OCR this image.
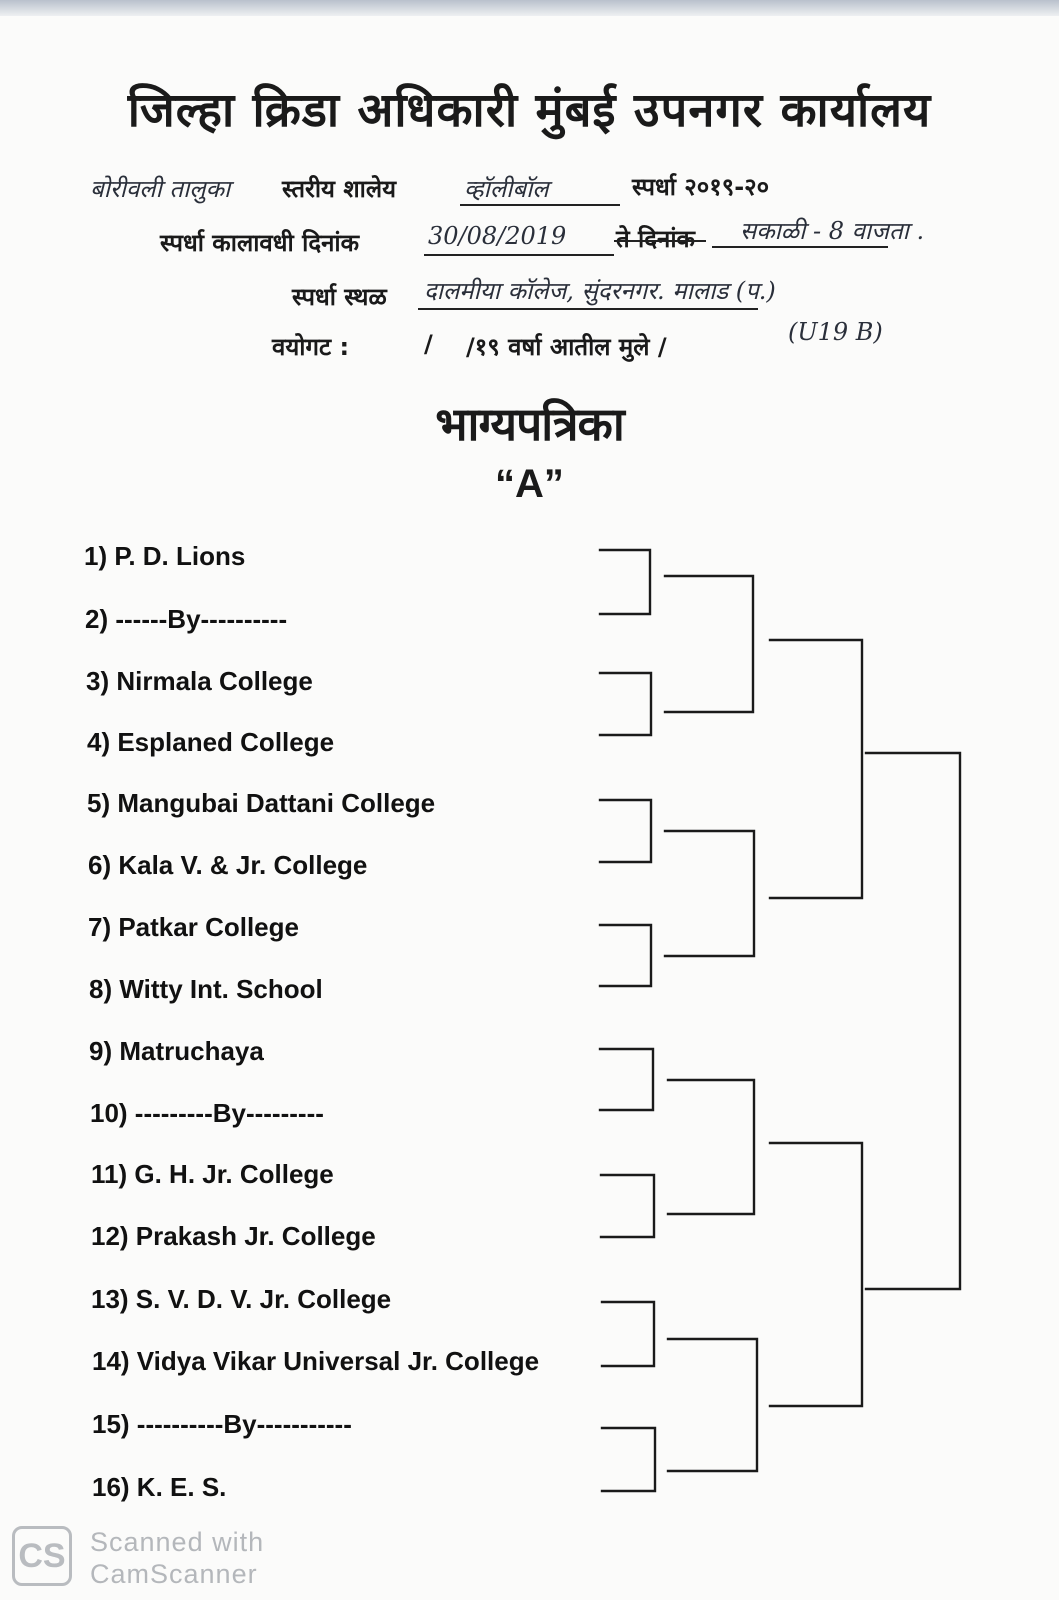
जिल्हा क्रिडा अधिकारी मुंबई उपनगर कार्यालय
बोरीवली तालुका स्तरीय शालेय	व्हॉलीबॉल	स्पर्धा २०१९-२०
स्पर्धा कालावधी दिनांक	30/08/2019 ते दिनांक सकाळी - 8 वाजता .
स्पर्धा स्थळ दालमीया कॉलेज, सुंदरनगर. मालाड (प.)
वयोगट :	/ /१९ वर्षा आतील मुले /
(U19 B)
भाग्यपत्रिका
“A”
1) P. D. Lions
2) ------By----------
3) Nirmala College
4) Esplaned College
5) Mangubai Dattani College
6) Kala V. & Jr. College
7) Patkar College
8) Witty Int. School
9) Matruchaya
10) ---------By---------
11) G. H. Jr. College
12) Prakash Jr. College
13) S. V. D. V. Jr. College
14) Vidya Vikar Universal Jr. College
15) ----------By-----------
16) K. E. S.
CS Scanned with
CamScanner
